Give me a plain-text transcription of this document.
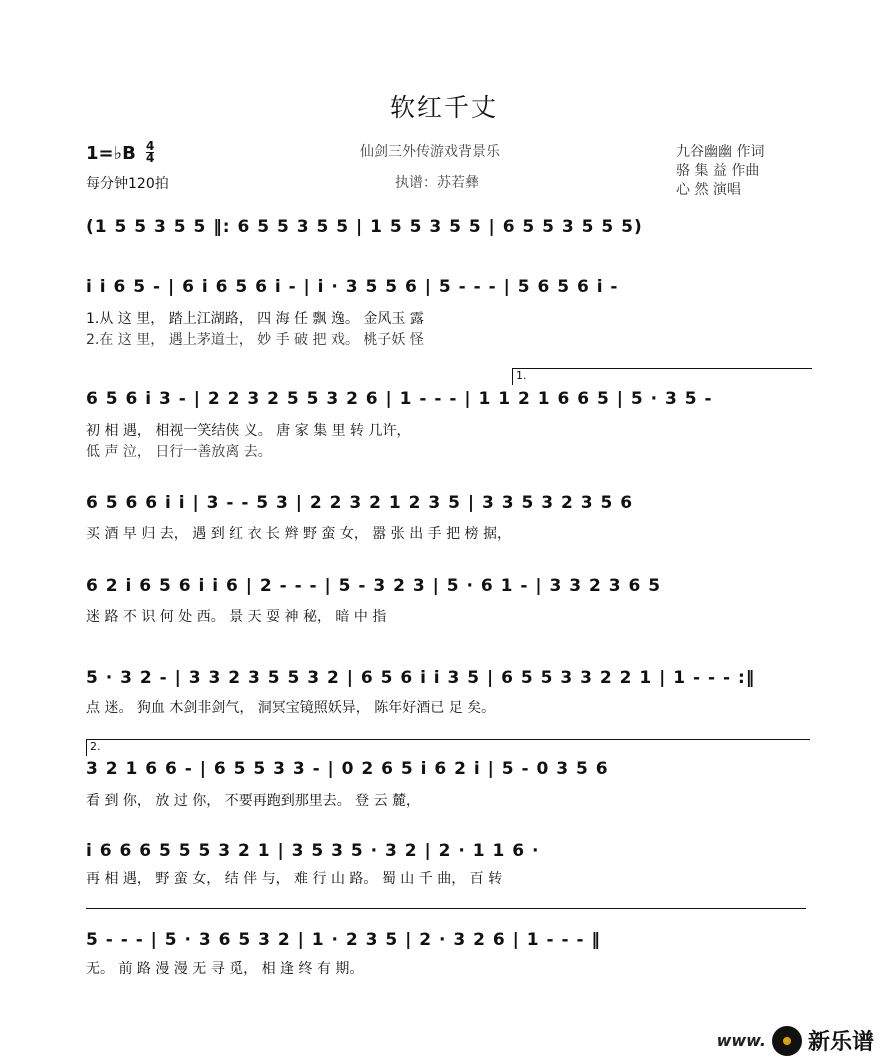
软红千丈
1=♭B $\frac{4}{4}$
每分钟120拍
仙剑三外传游戏背景乐
执谱：苏若彝
九谷幽幽 作词
骆 集 益 作曲
心 然 演唱
(1 5 5 3 5 5 ‖: 6 5 5 3 5 5 | 1 5 5 3 5 5 | 6 5 5 3 5 5 5)
i i 6 5 - | 6 i 6 5 6 i - | i · 3 5 5 6 | 5 - - - | 5 6 5 6 i -
1.从 这 里， 踏上江湖路， 四 海 任 飘 逸。 金风玉 露
2.在 这 里， 遇上茅道士， 妙 手 破 把 戏。 桃子妖 怪
1.
6 5 6 i 3 - | 2 2 3 2 5 5 3 2 6 | 1 - - - | 1 1 2 1 6 6 5 | 5 · 3 5 -
初 相 遇， 相视一笑结侠 义。 唐 家 集 里 转 几许，
低 声 泣， 日行一善放离 去。
6 5 6 6 i i | 3 - - 5 3 | 2 2 3 2 1 2 3 5 | 3 3 5 3 2 3 5 6
买 酒 早 归 去， 遇 到 红 衣 长 辫 野 蛮 女， 嚣 张 出 手 把 榜 据，
6 2 i 6 5 6 i i 6 | 2 - - - | 5 - 3 2 3 | 5 · 6 1 - | 3 3 2 3 6 5
迷 路 不 识 何 处 西。 景 天 耍 神 秘， 暗 中 指
5 · 3 2 - | 3 3 2 3 5 5 3 2 | 6 5 6 i i 3 5 | 6 5 5 3 3 2 2 1 | 1 - - - :‖
点 迷。 狗血 木剑非剑气， 洞冥宝镜照妖异， 陈年好酒已 足 矣。
2.
3 2 1 6 6 - | 6 5 5 3 3 - | 0 2 6 5 i 6 2 i | 5 - 0 3 5 6
看 到 你， 放 过 你， 不要再跑到那里去。 登 云 麓，
i 6 6 6 5 5 5 3 2 1 | 3 5 3 5 · 3 2 | 2 · 1 1 6 ·
再 相 遇， 野 蛮 女， 结 伴 与， 难 行 山 路。 蜀 山 千 曲， 百 转
5 - - - | 5 · 3 6 5 3 2 | 1 · 2 3 5 | 2 · 3 2 6 | 1 - - - ‖
无。 前 路 漫 漫 无 寻 觅， 相 逢 终 有 期。
www. 新乐谱
